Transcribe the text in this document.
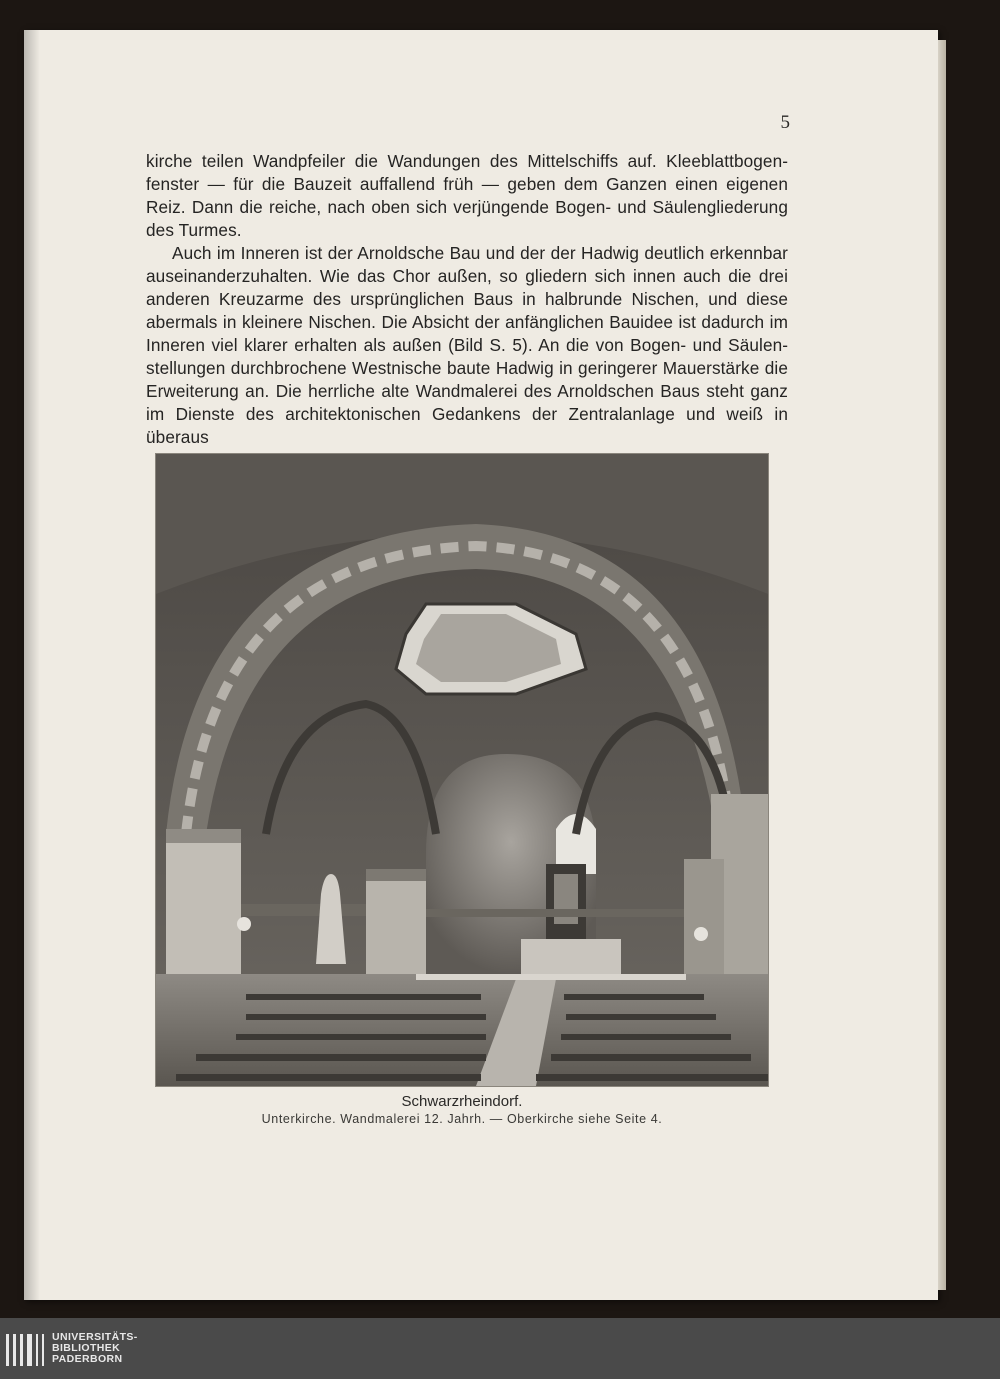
5

kirche teilen Wandpfeiler die Wandungen des Mittelschiffs auf. Kleeblattbogenfenster — für die Bauzeit auffallend früh — geben dem Ganzen einen eigenen Reiz. Dann die reiche, nach oben sich verjüngende Bogen- und Säulengliederung des Turmes.

Auch im Inneren ist der Arnoldsche Bau und der der Hadwig deutlich erkennbar auseinanderzuhalten. Wie das Chor außen, so gliedern sich innen auch die drei anderen Kreuzarme des ursprünglichen Baus in halbrunde Nischen, und diese abermals in kleinere Nischen. Die Absicht der anfänglichen Bauidee ist dadurch im Inneren viel klarer erhalten als außen (Bild S. 5). An die von Bogen- und Säulenstellungen durchbrochene Westnische baute Hadwig in geringerer Mauerstärke die Erweiterung an. Die herrliche alte Wandmalerei des Arnoldschen Baus steht ganz im Dienste des architektonischen Gedankens der Zentralanlage und weiß in überaus

Schwarzrheindorf.
Unterkirche. Wandmalerei 12. Jahrh. — Oberkirche siehe Seite 4.
UNIVERSITÄTS-
BIBLIOTHEK
PADERBORN
